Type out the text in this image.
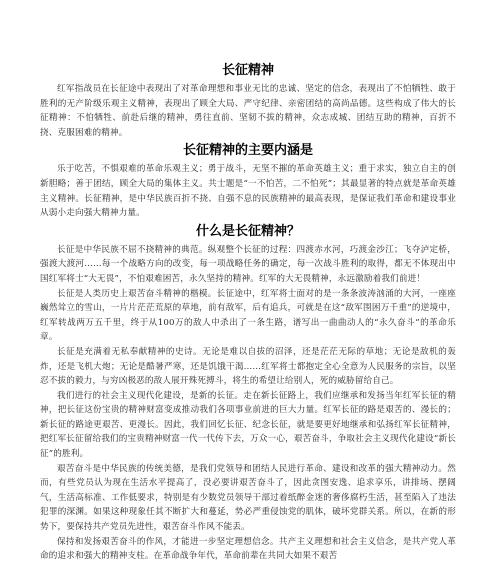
长征精神

红军指战员在长征途中表现出了对革命理想和事业无比的忠诚、坚定的信念，表现出了不怕牺牲、敢于胜利的无产阶级乐观主义精神，表现出了顾全大局、严守纪律、亲密团结的高尚品德。这些构成了伟大的长征精神：不怕牺牲、前赴后继的精神，勇往直前、坚韧不拔的精神，众志成城、团结互助的精神，百折不挠、克服困难的精神。

长征精神的主要内涵是

乐于吃苦，不惧艰难的革命乐观主义；勇于战斗，无坚不摧的革命英雄主义；重于求实，独立自主的创新胆略；善于团结，顾全大局的集体主义。共士题是“一不怕苦，二不怕死”；其最显著的特点就是革命英雄主义精神。长征精神，是中华民族百折不挠、自强不息的民族精神的最高表现，是保证我们革命和建设事业从弱小走向强大精神力量。

什么是长征精神？

长征是中华民族不屈不挠精神的典范。纵观整个长征的过程：四渡赤水河，巧渡金沙江；飞夺泸定桥，强渡大渡河……每一个战略方向的改变，每一项战略任务的确定，每一次战斗胜利的取得，都无不体现出中国红军将士“大无畏”，不怕艰难困苦，永久坚持的精神。红军的大无畏精神，永远激励着我们前进！

长征是人类历史上艰苦奋斗精神的楷模。长征途中，红军将士面对的是一条条波涛汹涌的大河，一座座巍然耸立的雪山，一片片茫茫荒原的草地，前有敌军，后有追兵，可就是在这“敌军围困万千重”的逆境中，红军转战两万五千里，终于从100万的敌人中杀出了一条生路，谱写出一曲曲动人的“永久奋斗”的革命乐章。

长征是充满着无私奉献精神的史诗。无论是难以自拔的沼泽，还是茫茫无际的草地；无论是敌机的轰炸，还是飞机大炮；无论是酷暑严寒，还是饥饿干渴……红军将士都抱定全心全意为人民服务的宗旨，以坚忍不拔的毅力，与穷凶极恶的敌人展开殊死搏斗，将生的希望让给别人，死的威胁留给自己。

我们进行的社会主义现代化建设，是新的长征。走在新长征路上，我们应继承和发扬当年红军长征的精神，把长征这份宝贵的精神财富变成推动我们各项事业前进的巨大力量。红军长征的路是艰苦的、漫长的；新长征的路途更艰苦、更漫长。因此，我们回忆长征、纪念长征，就是要更好地继承和弘扬红军长征精神，把红军长征留给我们的宝贵精神财富一代一代传下去，万众一心，艰苦奋斗，争取社会主义现代化建设“新长征”的胜利。

艰苦奋斗是中华民族的传统美德，是我们党领导和团结人民进行革命、建设和改革的强大精神动力。然而，有些党员认为现在生活水平提高了，没必要讲艰苦奋斗了，因此贪图安逸、追求享乐，讲排场、摆阔气，生活高标准、工作低要求，特别是有少数党员领导干部过着纸醉金迷的奢侈腐朽生活，甚至陷入了违法犯罪的深渊。如果这种现象任其不断扩大和蔓延，势必严重侵蚀党的肌体，破坏党群关系。所以，在新的形势下，要保持共产党员先进性，艰苦奋斗作风不能丢。

保持和发扬艰苦奋斗的作风，才能进一步坚定理想信念。共产主义理想和社会主义信念，是共产党人革命的追求和强大的精神支柱。在革命战争年代，革命前辈在共同大如果不艰苦
